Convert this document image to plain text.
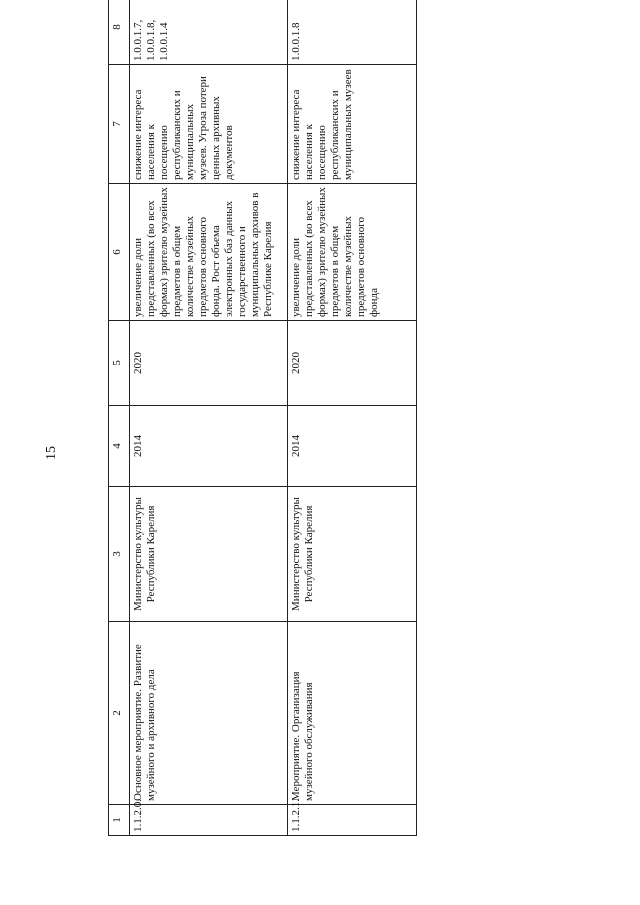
15
1	2	3	4	5	6	7	8
1.1.2.0.	Основное мероприятие. Развитие музейного и архивного дела	Министерство культуры Республики Карелия	2014	2020	увеличение доли представленных (во всех формах) зрителю музейных предметов в общем количестве музейных предметов основного фонда. Рост объема электронных баз данных государственного и муниципальных архивов в Республике Карелия	снижение интереса населения к посещению республиканских и муниципальных музеев. Угроза потери ценных архивных документов	1.0.0.1.7, 1.0.0.1.8, 1.0.0.1.4
1.1.2.1.	Мероприятие. Организация музейного обслуживания	Министерство культуры Республики Карелия	2014	2020	увеличение доли представленных (во всех формах) зрителю музейных предметов в общем количестве музейных предметов основного фонда	снижение интереса населения к посещению республиканских и муниципальных музеев	1.0.0.1.8
